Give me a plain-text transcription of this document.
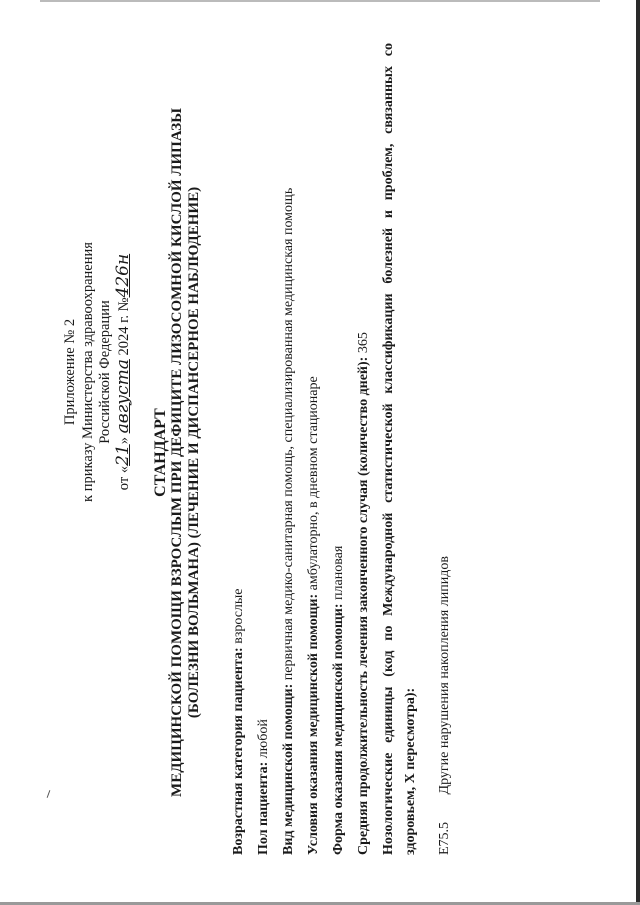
Приложение № 2 к приказу Министерства здравоохранения Российской Федерации
от «21» августа 2024 г. №426н
СТАНДАРТ МЕДИЦИНСКОЙ ПОМОЩИ ВЗРОСЛЫМ ПРИ ДЕФИЦИТЕ ЛИЗОСОМНОЙ КИСЛОЙ ЛИПАЗЫ (БОЛЕЗНИ ВОЛЬМАНА) (ЛЕЧЕНИЕ И ДИСПАНСЕРНОЕ НАБЛЮДЕНИЕ)
Возрастная категория пациента: взрослые
Пол пациента: любой Вид медицинской помощи: первичная медико-санитарная помощь, специализированная медицинская помощь
Условия оказания медицинской помощи: амбулаторно, в дневном стационаре
Форма оказания медицинской помощи: плановая Средняя продолжительность лечения законченного случая (количество дней): 365 Нозологические единицы (код по Международной статистической классификации болезней и проблем, связанных со здоровьем, X пересмотра): E75.5 Другие нарушения накопления липидов
